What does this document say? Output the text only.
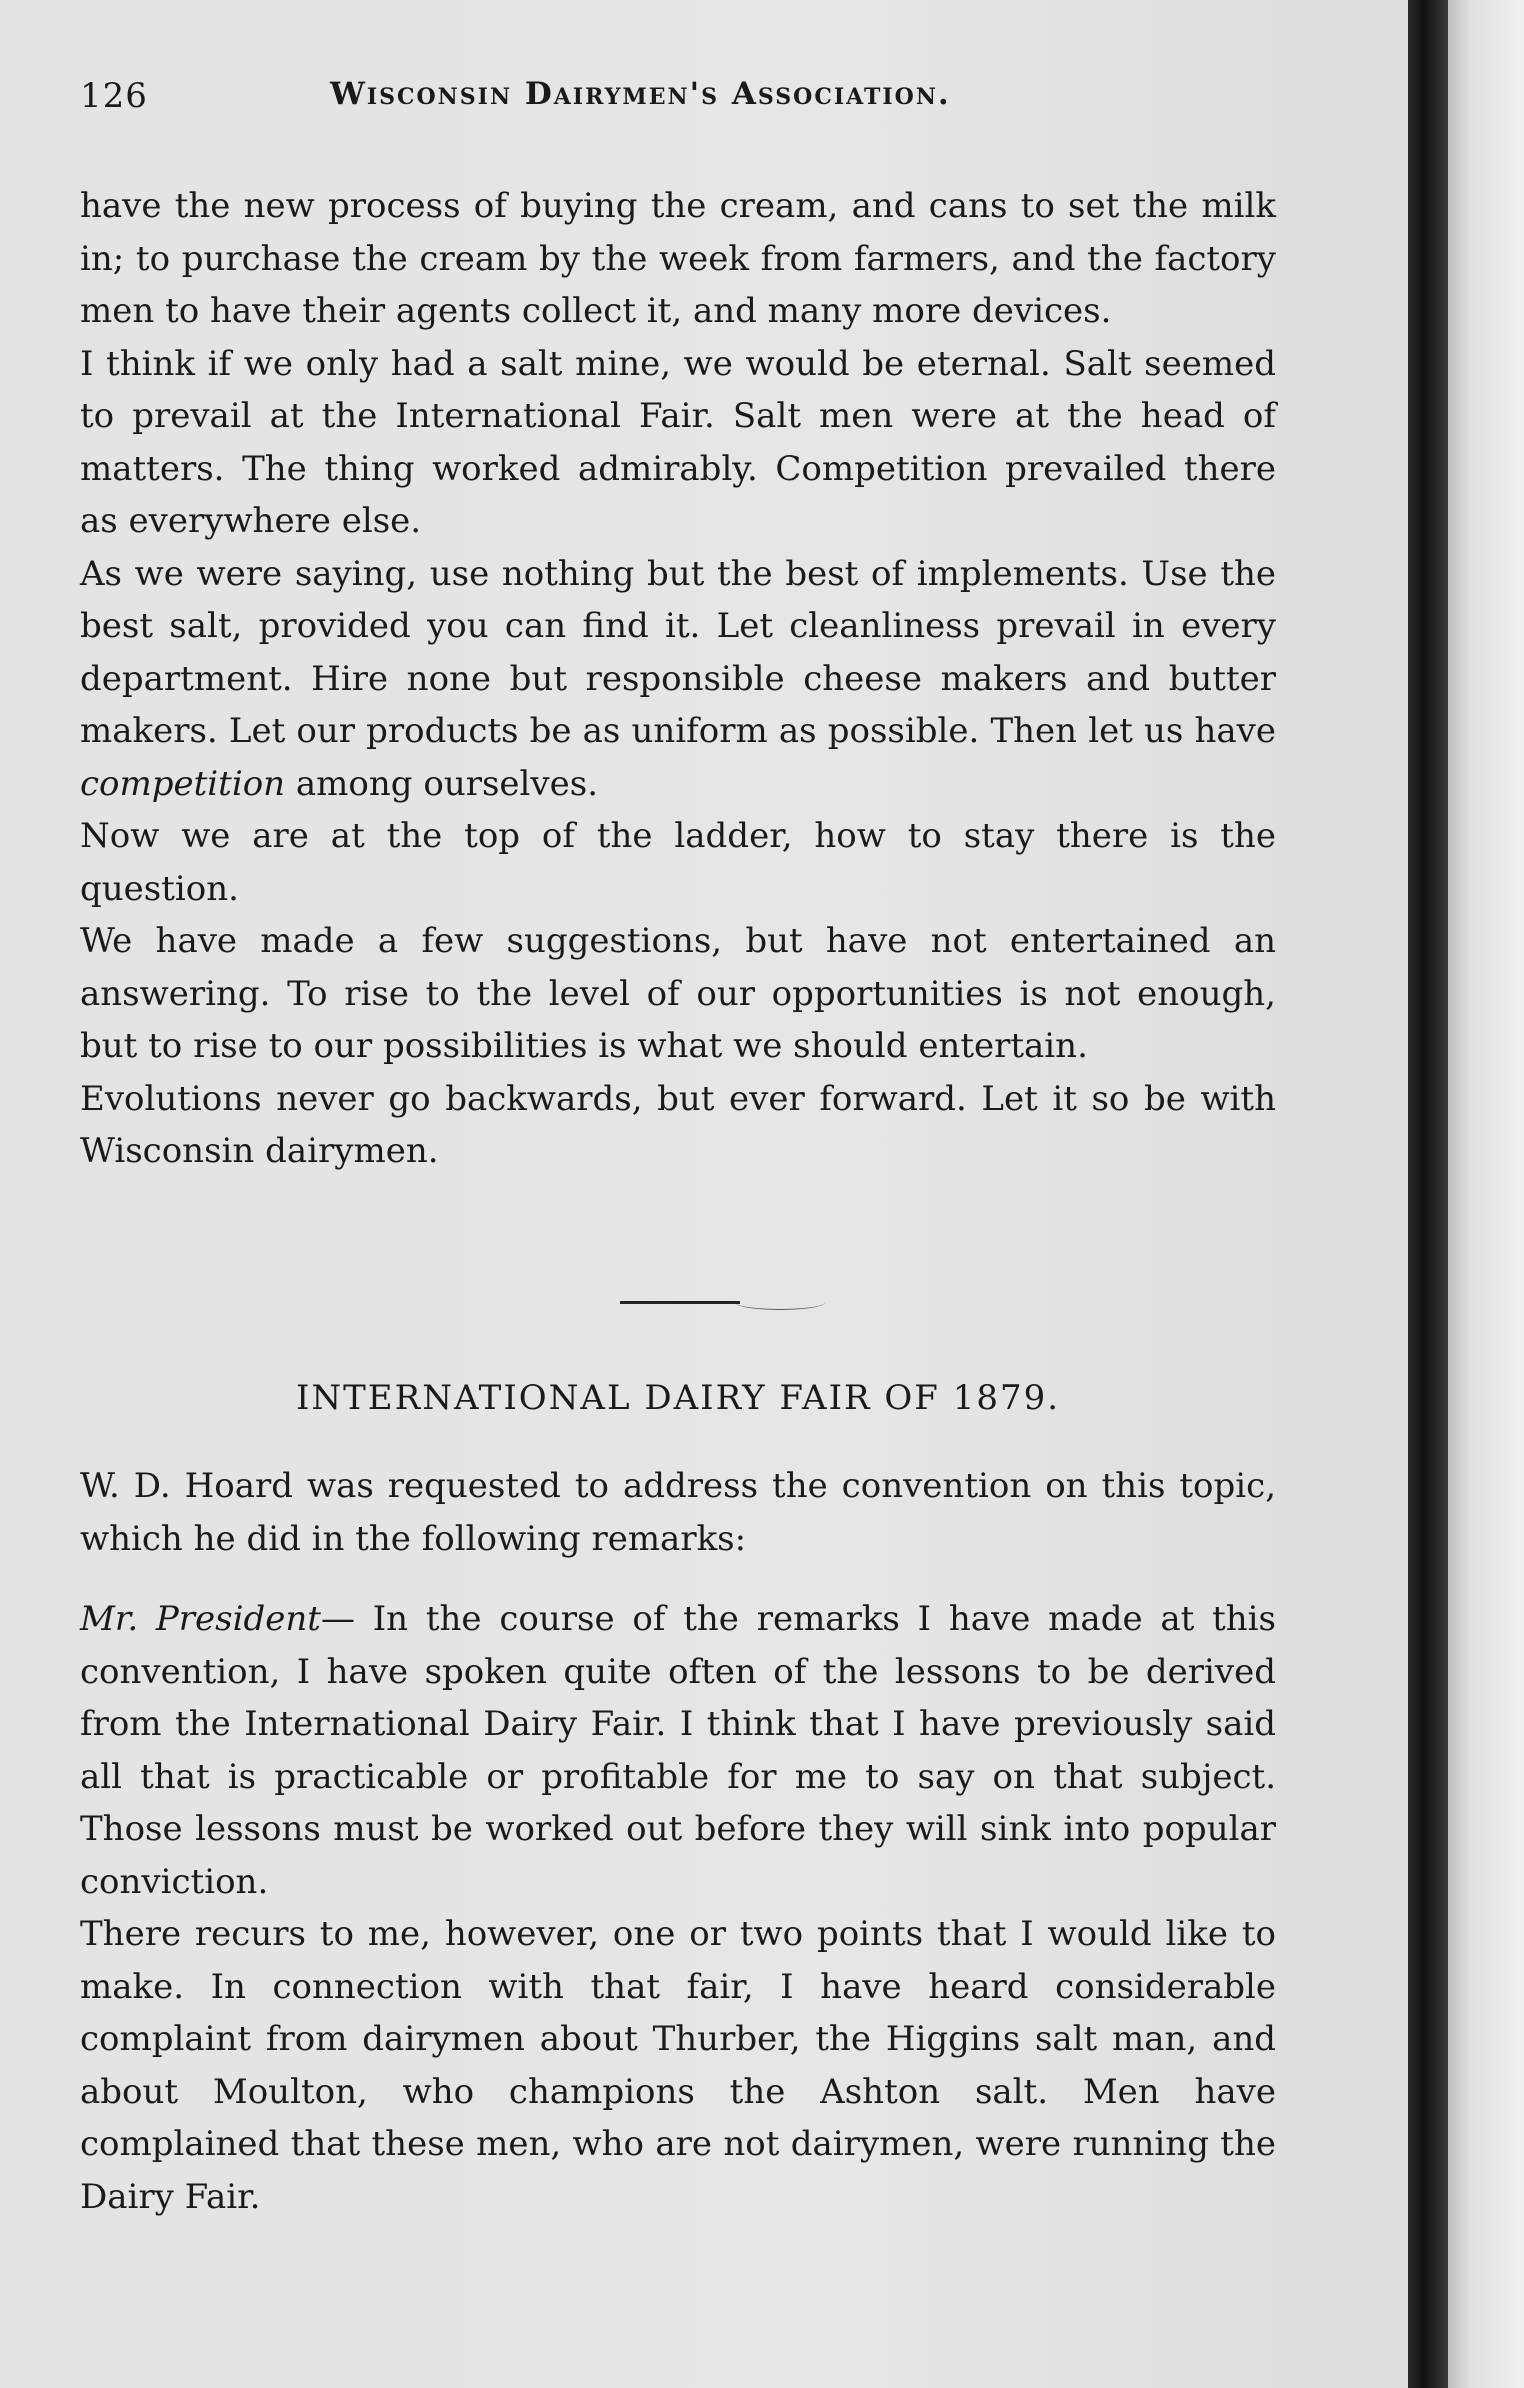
126	Wisconsin Dairymen's Association.

have the new process of buying the cream, and cans to set the milk in; to purchase the cream by the week from farmers, and the factory men to have their agents collect it, and many more devices.

I think if we only had a salt mine, we would be eternal. Salt seemed to prevail at the International Fair. Salt men were at the head of matters. The thing worked admirably. Competition prevailed there as everywhere else.

As we were saying, use nothing but the best of implements. Use the best salt, provided you can find it. Let cleanliness prevail in every department. Hire none but responsible cheese makers and butter makers. Let our products be as uniform as possible. Then let us have competition among ourselves.

Now we are at the top of the ladder, how to stay there is the question.

We have made a few suggestions, but have not entertained an answering. To rise to the level of our opportunities is not enough, but to rise to our possibilities is what we should entertain.

Evolutions never go backwards, but ever forward. Let it so be with Wisconsin dairymen.

INTERNATIONAL DAIRY FAIR OF 1879.

W. D. Hoard was requested to address the convention on this topic, which he did in the following remarks:

Mr. President— In the course of the remarks I have made at this convention, I have spoken quite often of the lessons to be derived from the International Dairy Fair. I think that I have previously said all that is practicable or profitable for me to say on that subject. Those lessons must be worked out before they will sink into popular conviction.

There recurs to me, however, one or two points that I would like to make. In connection with that fair, I have heard considerable complaint from dairymen about Thurber, the Higgins salt man, and about Moulton, who champions the Ashton salt. Men have complained that these men, who are not dairymen, were running the Dairy Fair.
